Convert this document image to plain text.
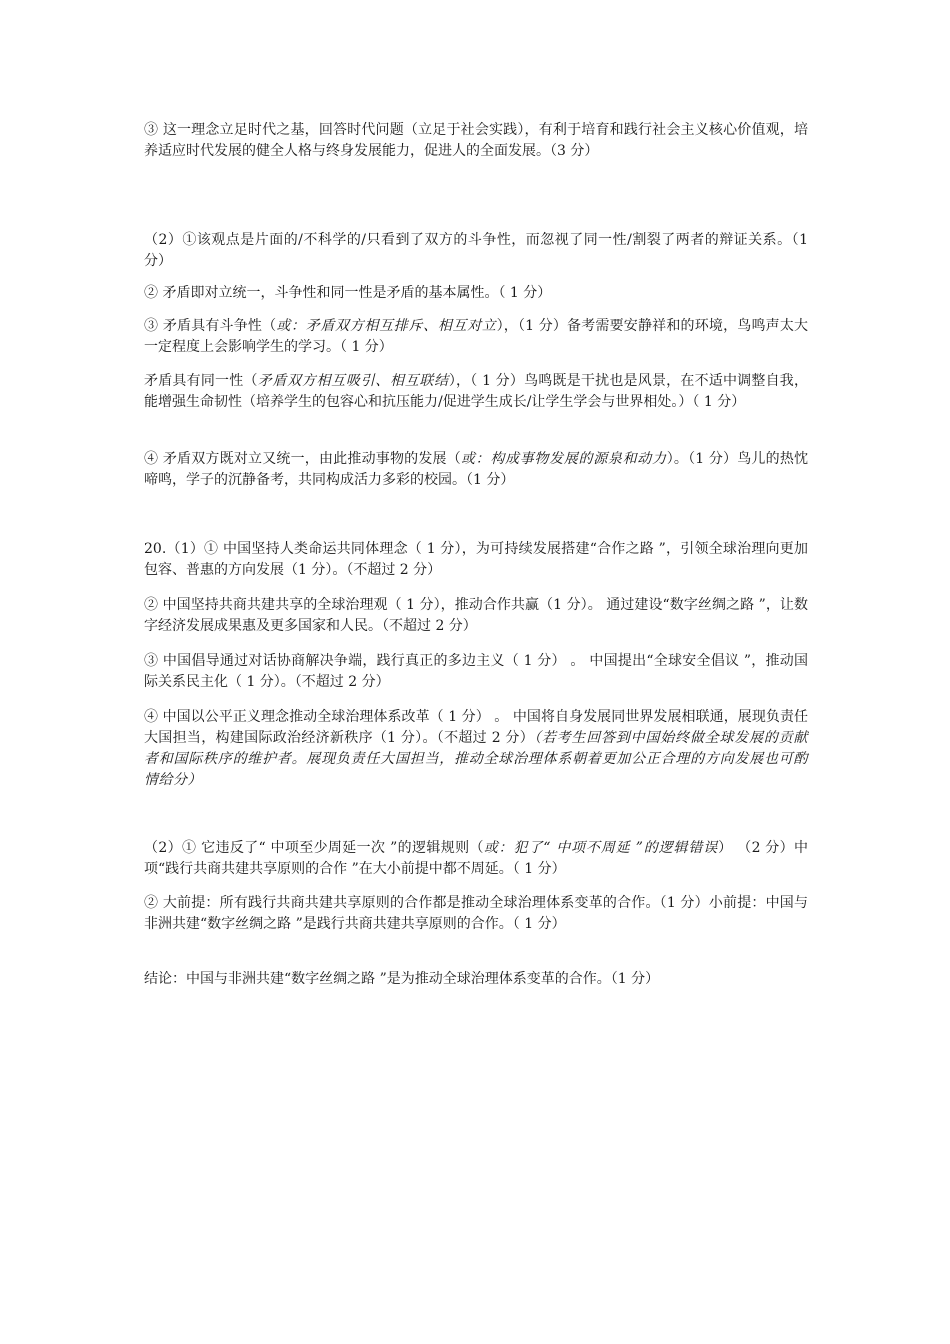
③ 这一理念立足时代之基，回答时代问题（立足于社会实践），有利于培育和践行社会主义核心价值观，培养适应时代发展的健全人格与终身发展能力，促进人的全面发展。（3 分）

（2）①该观点是片面的/不科学的/只看到了双方的斗争性，而忽视了同一性/割裂了两者的辩证关系。（1 分）

② 矛盾即对立统一，斗争性和同一性是矛盾的基本属性。（ 1 分）

③ 矛盾具有斗争性（或：矛盾双方相互排斥、相互对立），（1 分）备考需要安静祥和的环境，鸟鸣声太大一定程度上会影响学生的学习。（ 1 分）

矛盾具有同一性（矛盾双方相互吸引、相互联结），（ 1 分）鸟鸣既是干扰也是风景，在不适中调整自我，能增强生命韧性（培养学生的包容心和抗压能力/促进学生成长/让学生学会与世界相处。）（ 1 分）

④ 矛盾双方既对立又统一，由此推动事物的发展（或：构成事物发展的源泉和动力）。（1 分）鸟儿的热忱啼鸣，学子的沉静备考，共同构成活力多彩的校园。（1 分）

20.（1）① 中国坚持人类命运共同体理念（ 1 分），为可持续发展搭建“合作之路 ”，引领全球治理向更加包容、普惠的方向发展（1 分）。（不超过 2 分）

② 中国坚持共商共建共享的全球治理观（ 1 分），推动合作共赢（1 分）。 通过建设“数字丝绸之路 ”，让数字经济发展成果惠及更多国家和人民。（不超过 2 分）

③ 中国倡导通过对话协商解决争端，践行真正的多边主义（ 1 分） 。 中国提出“全球安全倡议 ”，推动国际关系民主化（ 1 分）。（不超过 2 分）

④ 中国以公平正义理念推动全球治理体系改革（ 1 分） 。 中国将自身发展同世界发展相联通，展现负责任大国担当，构建国际政治经济新秩序（1 分）。（不超过 2 分）（若考生回答到中国始终做全球发展的贡献者和国际秩序的维护者。展现负责任大国担当，推动全球治理体系朝着更加公正合理的方向发展也可酌情给分）

（2）① 它违反了“ 中项至少周延一次 ”的逻辑规则（或：犯了“ 中项不周延 ”的逻辑错误） （2 分）中项“践行共商共建共享原则的合作 ”在大小前提中都不周延。（ 1 分）

② 大前提：所有践行共商共建共享原则的合作都是推动全球治理体系变革的合作。（1 分）小前提：中国与非洲共建“数字丝绸之路 ”是践行共商共建共享原则的合作。（ 1 分）

结论：中国与非洲共建“数字丝绸之路 ”是为推动全球治理体系变革的合作。（1 分）
